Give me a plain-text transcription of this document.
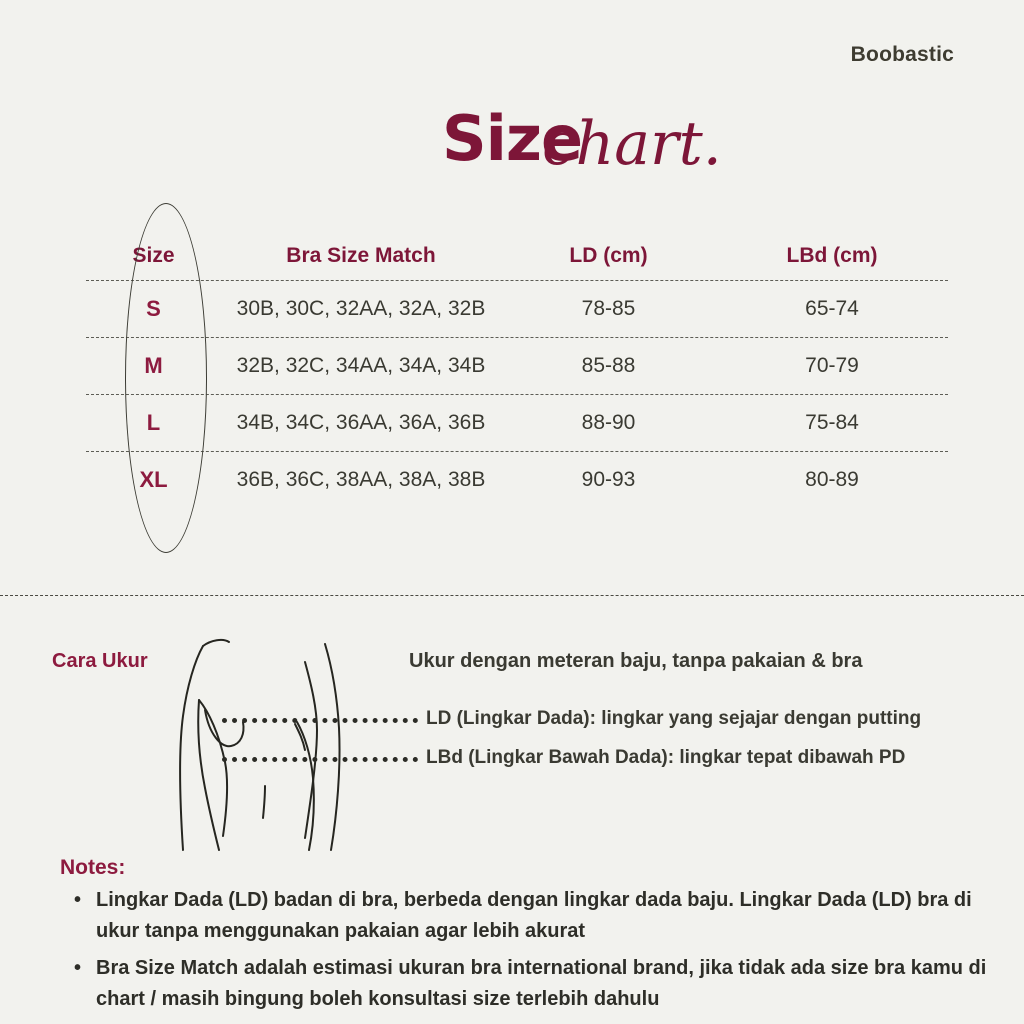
Boobastic
Size
chart.
Size	Bra Size Match	LD (cm)	LBd (cm)
S	30B, 30C, 32AA, 32A, 32B	78-85	65-74
M	32B, 32C, 34AA, 34A, 34B	85-88	70-79
L	34B, 34C, 36AA, 36A, 36B	88-90	75-84
XL	36B, 36C, 38AA, 38A, 38B	90-93	80-89
Cara Ukur	Ukur dengan meteran baju, tanpa pakaian & bra
LD (Lingkar Dada): lingkar yang sejajar dengan putting
LBd (Lingkar Bawah Dada): lingkar tepat dibawah PD
Notes:
• Lingkar Dada (LD) badan di bra, berbeda dengan lingkar dada baju. Lingkar Dada (LD) bra di ukur tanpa menggunakan pakaian agar lebih akurat
• Bra Size Match adalah estimasi ukuran bra international brand, jika tidak ada size bra kamu di chart / masih bingung boleh konsultasi size terlebih dahulu
